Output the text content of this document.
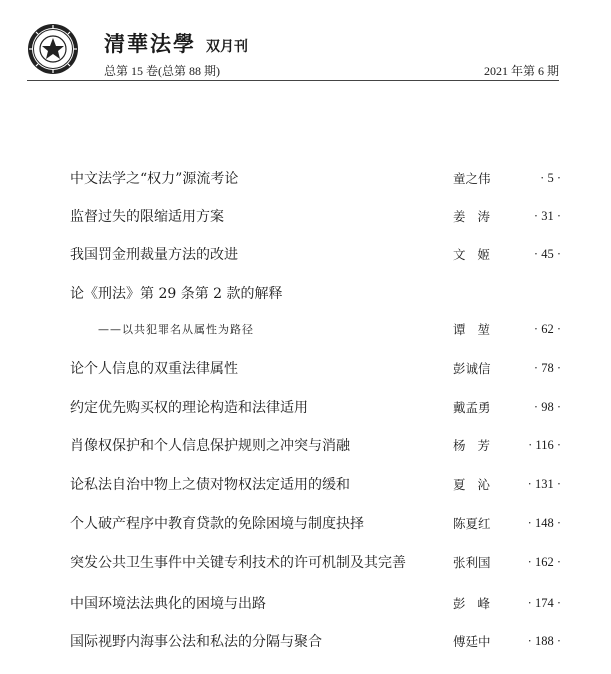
清華法學 双月刊
总第 15 卷(总第 88 期)	2021 年第 6 期
中文法学之“权力”源流考论	童之伟	· 5 ·
监督过失的限缩适用方案	姜涛	· 31 ·
我国罚金刑裁量方法的改进	文姬	· 45 ·
论《刑法》第 29 条第 2 款的解释
——以共犯罪名从属性为路径	谭堃	· 62 ·
论个人信息的双重法律属性	彭诚信	· 78 ·
约定优先购买权的理论构造和法律适用	戴孟勇	· 98 ·
肖像权保护和个人信息保护规则之冲突与消融	杨芳 · 116 ·
论私法自治中物上之债对物权法定适用的缓和	夏沁 · 131 ·
个人破产程序中教育贷款的免除困境与制度抉择	陈夏红	· 148 ·
突发公共卫生事件中关键专利技术的许可机制及其完善	张利国	· 162 ·
中国环境法法典化的困境与出路	彭峰 · 174 ·
国际视野内海事公法和私法的分隔与聚合	傅廷中	· 188 ·
